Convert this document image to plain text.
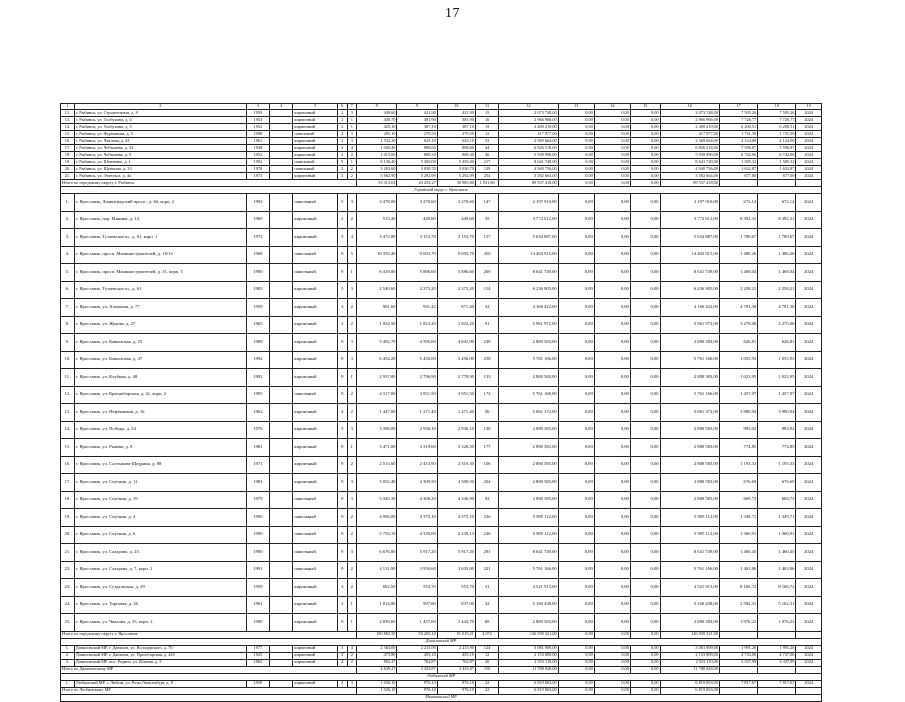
17
1	2	3	4	5	6	7	8	9	10	11	12	13	14	15	16	17	18	19
12.	г. Рыбинск, ул. Строительная, д. 9	1959		кирпичный	2	3	449,60	421,90	421,90	15	2 073 748,00	0,00	0,00	0,00	2 073 748,00	7 595,26	7 595,26	2024
13.	г. Рыбинск, ул. Толбухина, д. 4	1953		кирпичный	2	1	430,70	381,90	381,90	16	2 966 966,00	0,00	0,00	0,00	2 966 966,00	7 726,77	7 726,77	2024
14.	г. Рыбинск, ул. Толбухина, д. 5	1952		кирпичный	2	1	425,10	387,10	387,10	19	2 400 219,00	0,00	0,00	0,00	2 400 219,00	6 200,51	6 200,51	2024
15.	г. Рыбинск, ул. Фурманова, д. 5	1988		панельный	2	3	285,10	279,50	279,50	12	417 977,00	0,00	0,00	0,00	417 977,00	1 731,50	1 731,50	2024
16.	г. Рыбинск, ул. Чкалова, д. 43	1961		кирпичный	2	3	1 532,20	623,10	623,10	33	2 569 664,00	0,00	0,00	0,00	2 569 664,00	4 124,00	4 124,00	2024
17.	г. Рыбинск, ул. Чебышева, д. 33	1938		кирпичный	2	4	1 060,40	898,60	898,60	44	6 826 518,00	0,00	0,00	0,00	6 826 518,00	7 596,87	7 596,87	2024
18.	г. Рыбинск, ул. Чебышева, д. 5	1952		кирпичный	2	2	1 015,00	808,30	808,30	46	5 939 990,00	0,00	0,00	0,00	5 939 990,00	6 742,06	6 742,06	2024
19.	г. Рыбинск, ул. Шевченко, д. 1	1992		панельный	9	1	6 130,40	5 450,00	5 450,00	217	8 641 749,00	0,00	0,00	0,00	8 641 749,00	1 585,32	1 585,32	2024
20.	г. Рыбинск, ул. Щепкина, д. 33	1978		панельный	5	2	3 203,60	3 030,70	3 030,70	129	4 940 756,00	0,00	0,00	0,00	4 940 756,00	1 632,87	1 632,87	2024
21.	г. Рыбинск, ул. Энгельса, д. 4a	1973		кирпичный	5	2	5 662,90	5 292,99	5 292,99	254	3 582 664,00	0,00	0,00	0,00	3 582 664,00	677,00	677,00	2024
Итого по городскому округу г. Рыбинск							53 313,02	43 253,27	39 985,80	1 931,80	89 537 418,00	0,00	0,00	0,00	89 537 418,00			
Городской округ г. Ярославль																		
1.	г. Ярославль, Ленинградский просп., д. 66, корп. 2	1992		панельный	5	3	3 478,00	3 270,60	3 270,60	147	2 197 910,00	0,00	0,00	0,00	2 197 910,00	672,14	672,14	2024
2.	г. Ярославль, пер. Минина, д. 14	1960		кирпичный	2	2	515,40	449,60	449,60	35	3 772 612,00	0,00	0,00	0,00	3 772 612,00	8 392,31	8 392,31	2024
3.	г. Ярославль, Тутаевское ш., д. 61, корп. 1	1972		кирпичный	5	4	3 472,89	3 153,70	3 153,70	157	5 634 887,00	0,00	0,00	0,00	5 634 887,00	1 780,67	1 780,67	2024
4.	г. Ярославль, просп. Машиностроителей, д. 18/14	1968		панельный	9	5	10 359,40	9 693,70	9 693,70	450	14 403 915,00	0,00	0,00	0,00	14 403 915,00	1 486,26	1 486,26	2024
5.	г. Ярославль, просп. Машиностроителей, д. 51, корп. 5	1990		панельный	9	1	6 418,00	5 886,60	5 886,60	269	8 641 749,00	0,00	0,00	0,00	8 641 749,00	1 468,04	1 468,04	2024
6.	г. Ярославль, Тутаевское ш., д. 61	1985		кирпичный	5	3	2 540,60	2 375,20	2 375,20	114	6 236 805,00	0,00	0,00	0,00	6 236 805,00	2 258,21	2 258,21	2024
7.	г. Ярославль, ул. Алмазная, д. 77	1959		кирпичный	3	2	961,60	931,42	871,40	32	4 166 422,00	0,00	0,00	0,00	4 166 422,00	4 781,30	4 781,30	2024
8.	г. Ярославль, ул. Жукова, д. 27	1965		кирпичный	3	2	1 934,50	1 823,20	1 823,20	91	5 961 972,00	0,00	0,00	0,00	5 961 972,00	3 270,06	3 270,06	2024
9.	г. Ярославль, ул. Кавказская, д. 25	1988		кирпичный	9	3	5 492,70	4 595,60	4 841,90	238	2 880 583,00	0,00	0,00	0,00	2 880 583,00	626,81	626,81	2024
10.	г. Ярославль, ул. Кавказская, д. 47	1992		кирпичный	9	3	6 454,20	5 456,00	5 456,00	258	5 761 166,00	0,00	0,00	0,00	5 761 166,00	1 055,93	1 055,93	2024
11.	г. Ярославль, ул. Клубная, д. 48	1992		кирпичный	9	1	2 937,00	2 796,90	2 778,90	133	2 880 583,00	0,00	0,00	0,00	2 880 583,00	1 023,95	1 023,95	2024
12.	г. Ярославль, ул. Красноборская, д. 41, корп. 2	1995		панельный	9	2	4 317,00	3 951,50	3 951,50	174	5 761 166,00	0,00	0,00	0,00	5 761 166,00	1 457,97	1 457,97	2024
13.	г. Ярославль, ул. Нефтяников, д. 16	1962		кирпичный	4	2	1 447,00	1 271,40	1 271,40	56	5 061 372,00	0,00	0,00	0,00	5 061 372,00	3 980,94	3 980,94	2024
14.	г. Ярославль, ул. Победы, д. 34	1976		кирпичный	5	3	3 396,00	2 936,10	2 936,10	138	2 880 583,00	0,00	0,00	0,00	2 880 583,00	983,02	983,02	2024
15.	г. Ярославль, ул. Рыкова, д. 8	1981		кирпичный	9	1	3 471,00	3 319,60	3 328,50	177	2 880 583,00	0,00	0,00	0,00	2 880 583,00	774,85	774,85	2024
16.	г. Ярославль, ул. Салтыкова-Щедрина, д. 88	1971		кирпичный	9	2	2 513,60	2 413,90	2 310,30	106	2 880 583,00	0,00	0,00	0,00	2 880 583,00	1 193,33	1 193,33	2024
17.	г. Ярославль, ул. Спутник, д. 11	1981		кирпичный	9	3	5 052,40	4 309,50	4 309,50	204	2 880 583,00	0,00	0,00	0,00	2 880 583,00	676,69	676,69	2024
18.	г. Ярославль, ул. Спутник, д. 19	1979		панельный	9	3	5 345,39	4 306,20	4 346,90	92	2 880 583,00	0,00	0,00	0,00	2 880 583,00	669,73	669,73	2024
19.	г. Ярославль, ул. Спутник, д. 4	1990		панельный	9	2	4 996,00	4 375,10	4 375,10	236	5 905 112,00	0,00	0,00	0,00	5 905 112,00	1 349,71	1 349,71	2024
20.	г. Ярославль, ул. Спутник, д. 6	1990		панельный	9	2	3 753,10	4 339,00	2 239,13	246	5 905 112,00	0,00	0,00	0,00	5 905 112,00	1 360,91	1 360,91	2024
21.	г. Ярославль, ул. Сахарова, д. 23	1990		панельный	9	3	6 676,00	5 917,20	5 917,20	291	8 641 749,00	0,00	0,00	0,00	8 641 749,00	1 460,45	1 460,45	2024
22.	г. Ярославль, ул. Сахарова, д. 7, корп. 2	1991		панельный	9	2	4 131,90	3 950,60	3 635,00	221	5 761 166,00	0,00	0,00	0,00	5 761 166,00	1 463,86	1 463,86	2024
23.	г. Ярославль, ул. Суздальская, д. 29	1959		кирпичный	3	2	682,50	553,70	553,70	31	4 521 913,00	0,00	0,00	0,00	4 521 913,00	8 166,72	8 166,72	2024
24.	г. Ярославль, ул. Торговая, д. 26	1961		кирпичный	3	1	1 014,80	997,60	837,00	32	5 160 438,00	0,00	0,00	0,00	5 160 438,00	2 582,31	5 162,31	2024
25.	г. Ярославль, ул. Чкалова, д. 33, корп. 2	1980		кирпичный	9	1	2 050,60	1 457,60	1 434,70	69	2 880 583,00	0,00	0,00	0,00	2 880 583,00	1 976,22	1 976,22	2024
Итого по городскому округу г. Ярославль							100 882,50	93 205,10	91 019,21	4 072	126 939 321,00	0,00	0,00	0,00	126 939 321,00			
Даниловский МР																		
1.	Даниловский МР, г. Данилов, ул. Володарского, д. 70	1977		кирпичный	3	4	2 363,00	2 215,90	2 215,90	124	3 081 909,00	0,00	0,00	0,00	3 081 909,00	1 991,26	1 991,26	2024
2.	Даниловский МР, г. Данилов, ул. Пролетарская, д. 42б	1925		кирпичный	2	2	473,80	455,10	455,10	12	2 153 809,00	0,00	0,00	0,00	2 153 809,00	4 733,00	4 737,00	2024
3.	Даниловский МР, пос. Редино, ул. Южная, д. 5	1962		кирпичный	2	2	802,47	762,87	762,87	20	2 553 110,00	0,00	0,00	0,00	2 553 110,00	3 337,99	3 337,99	2024
Итого по Даниловскому МР							4 639,27	3 433,87	3 433,87	156	11 788 828,00	0,00	0,00	0,00	11 788 828,00			
Любимский МР																		
1.	Любимский МР, г. Любим, ул. Розы Люксембург, д. 8	1959		кирпичный	2	3	1 026,10	976,10	976,10	22	6 819 063,00	0,00	0,00	0,00	6 819 063,00	7 817,67	7 817,67	2024
Итого по Любимскому МР							1 026,10	976,10	976,10	22	6 819 063,00	0,00	0,00	0,00	6 819 063,00			
Мышкинский МР																		
